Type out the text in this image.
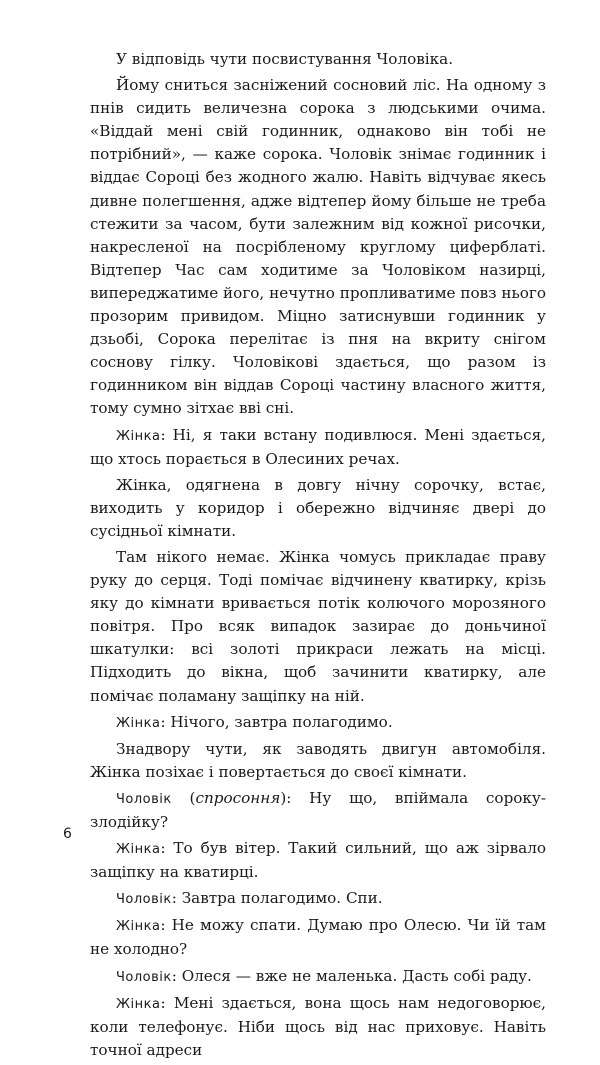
У відповідь чути посвистування Чоловіка.

Йому сниться засніжений сосновий ліс. На одному з пнів сидить величезна сорока з людськими очима. «Віддай мені свій годинник, однаково він тобі не потрібний», — каже сорока. Чоловік знімає годинник і віддає Сороці без жодного жалю. Навіть відчуває якесь дивне полегшення, адже відтепер йому більше не треба стежити за часом, бути залежним від кожної рисочки, накресленої на посрібленому круглому циферблаті. Відтепер Час сам ходитиме за Чоловіком назирці, випереджатиме його, нечутно пропливатиме повз нього прозорим привидом. Міцно затиснувши годинник у дзьобі, Сорока перелітає із пня на вкриту снігом соснову гілку. Чоловікові здається, що разом із годинником він віддав Сороці частину власного життя, тому сумно зітхає вві сні.

Жінка: Ні, я таки встану подивлюся. Мені здається, що хтось порається в Олесиних речах.

Жінка, одягнена в довгу нічну сорочку, встає, виходить у коридор і обережно відчиняє двері до сусідньої кімнати.

Там нікого немає. Жінка чомусь прикладає праву руку до серця. Тоді помічає відчинену кватирку, крізь яку до кімнати вривається потік колючого морозяного повітря. Про всяк випадок зазирає до доньчиної шкатулки: всі золоті прикраси лежать на місці. Підходить до вікна, щоб зачинити кватирку, але помічає поламану защіпку на ній.

Жінка: Нічого, завтра полагодимо.

Знадвору чути, як заводять двигун автомобіля. Жінка позіхає і повертається до своєї кімнати.

Чоловік (спросоння): Ну що, впіймала сороку-злодійку?

Жінка: То був вітер. Такий сильний, що аж зірвало защіпку на кватирці.

Чоловік: Завтра полагодимо. Спи.

Жінка: Не можу спати. Думаю про Олесю. Чи їй там не холодно?

Чоловік: Олеся — вже не маленька. Дасть собі раду.

Жінка: Мені здається, вона щось нам недоговорює, коли телефонує. Ніби щось від нас приховує. Навіть точної адреси

6
